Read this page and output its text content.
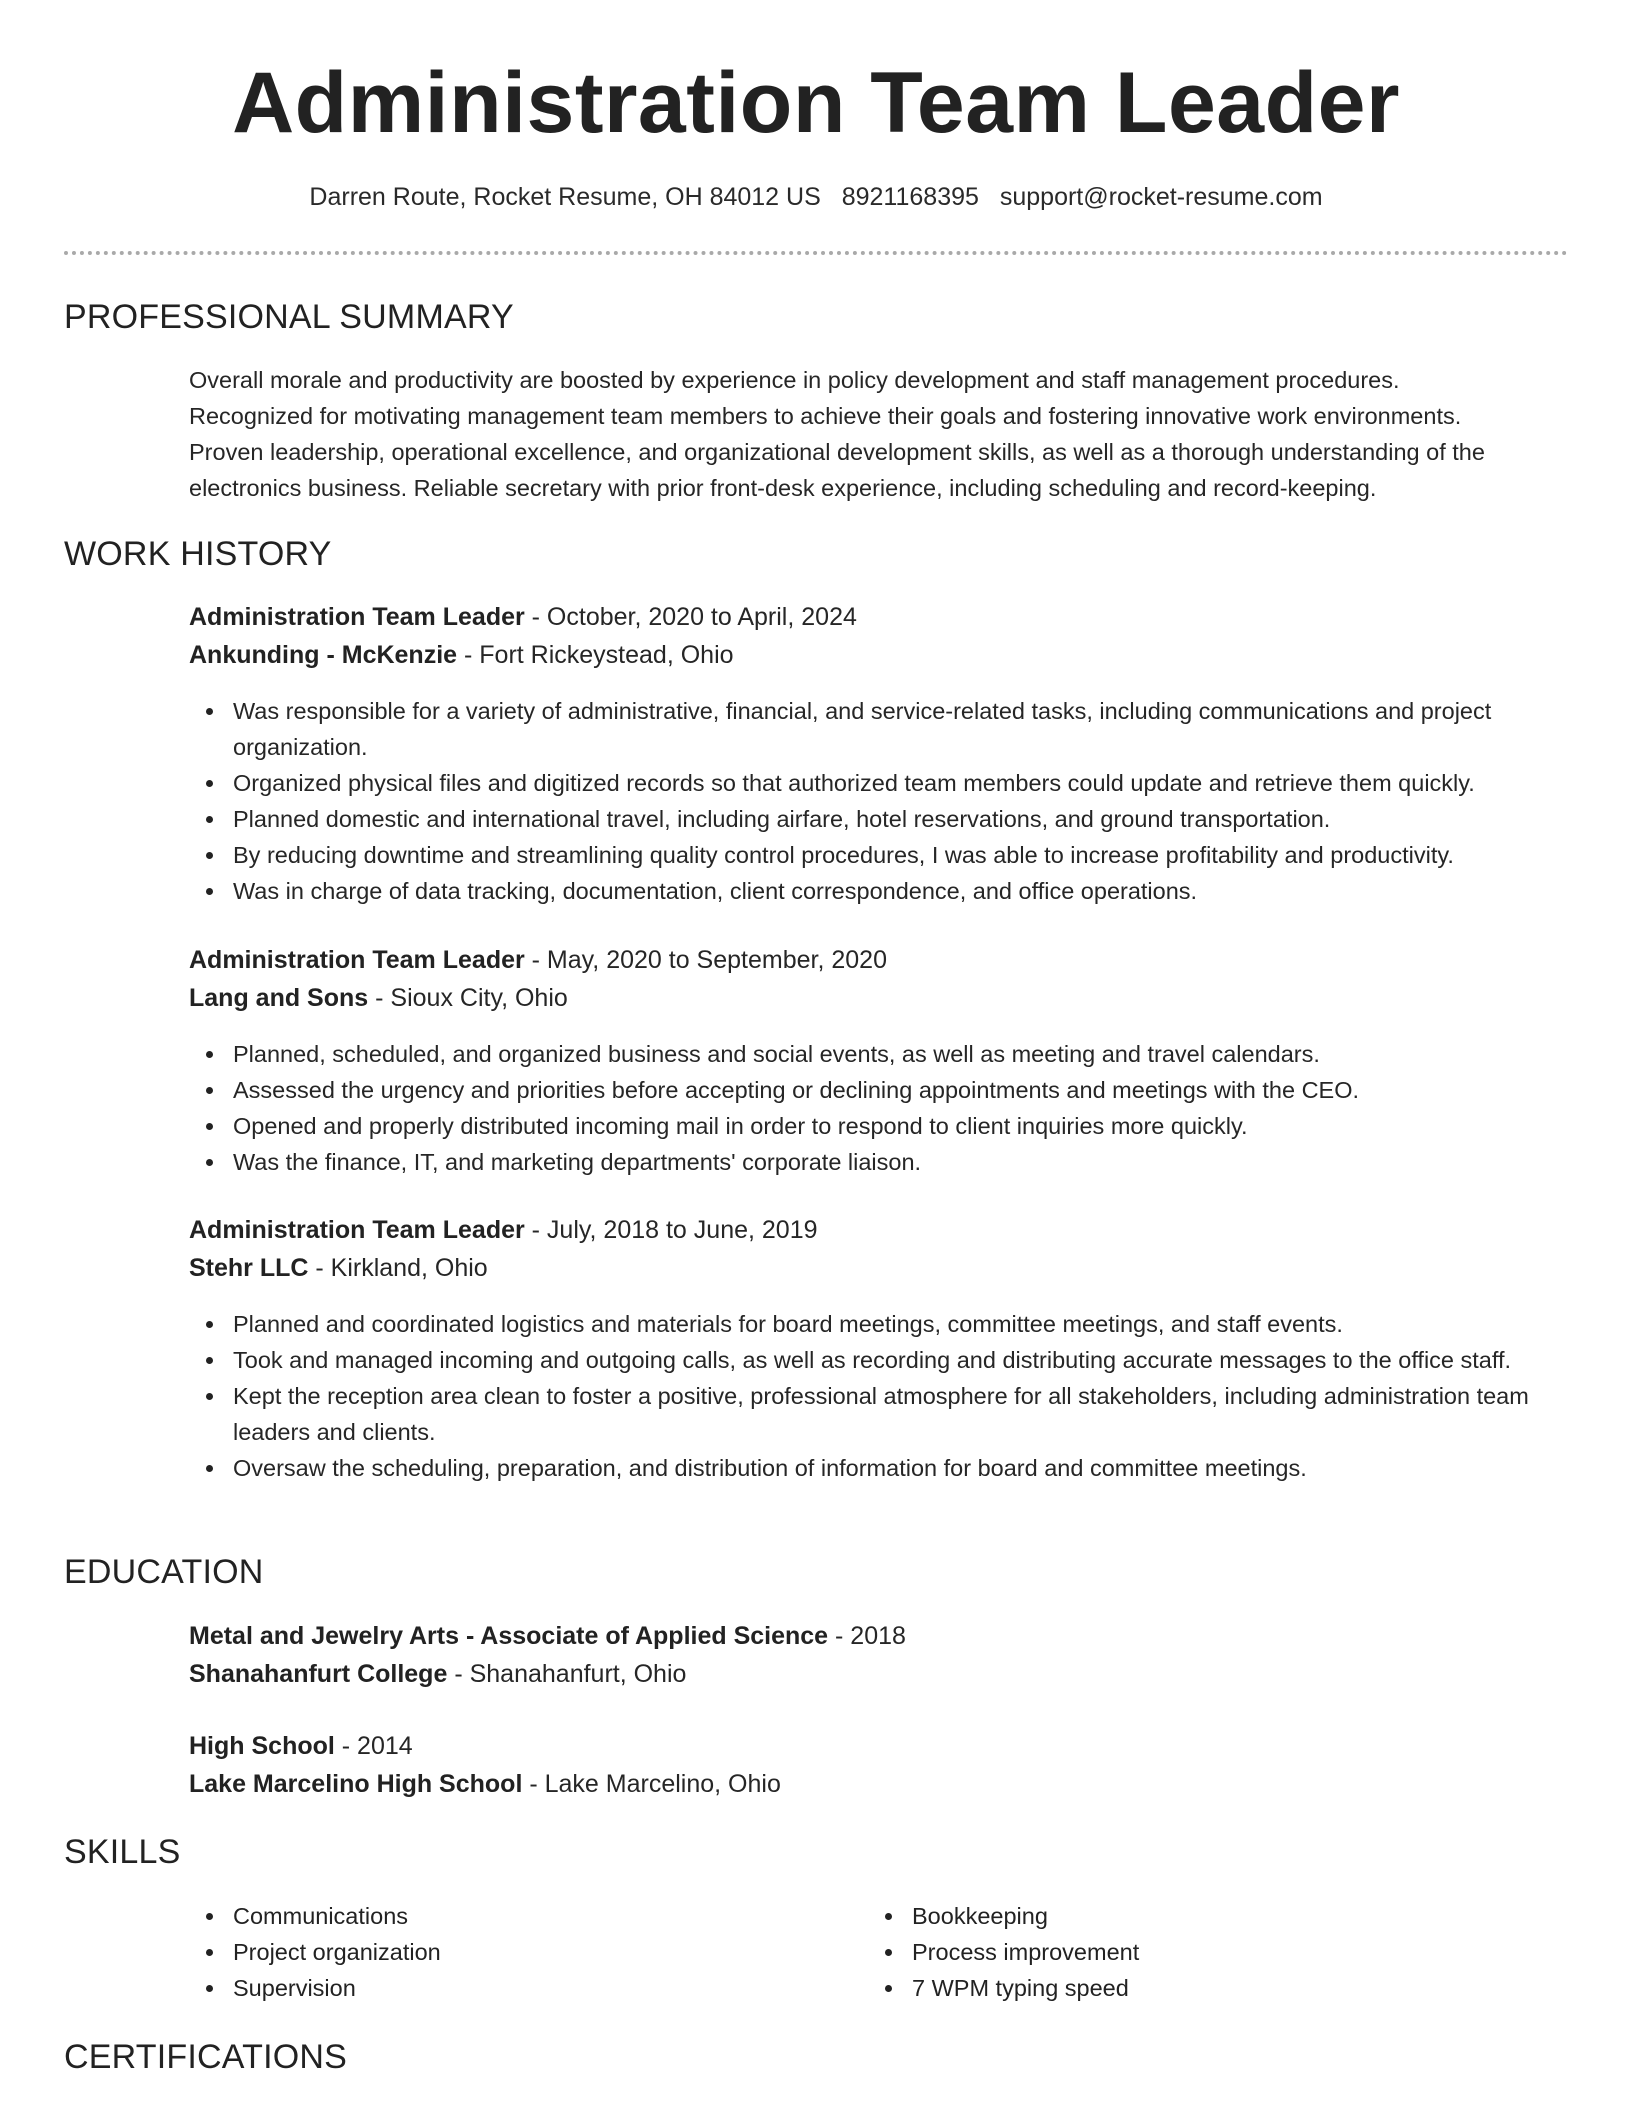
Administration Team Leader
Darren Route, Rocket Resume, OH 84012 US 8921168395 support@rocket-resume.com
PROFESSIONAL SUMMARY

Overall morale and productivity are boosted by experience in policy development and staff management procedures.

Recognized for motivating management team members to achieve their goals and fostering innovative work environments.

Proven leadership, operational excellence, and organizational development skills, as well as a thorough understanding of the

electronics business. Reliable secretary with prior front-desk experience, including scheduling and record-keeping.

WORK HISTORY
Administration Team Leader - October, 2020 to April, 2024
Ankunding - McKenzie - Fort Rickeystead, Ohio
Was responsible for a variety of administrative, financial, and service-related tasks, including communications and project organization.
Organized physical files and digitized records so that authorized team members could update and retrieve them quickly.
Planned domestic and international travel, including airfare, hotel reservations, and ground transportation.
By reducing downtime and streamlining quality control procedures, I was able to increase profitability and productivity.
Was in charge of data tracking, documentation, client correspondence, and office operations.
Administration Team Leader - May, 2020 to September, 2020
Lang and Sons - Sioux City, Ohio
Planned, scheduled, and organized business and social events, as well as meeting and travel calendars.
Assessed the urgency and priorities before accepting or declining appointments and meetings with the CEO.
Opened and properly distributed incoming mail in order to respond to client inquiries more quickly.
Was the finance, IT, and marketing departments' corporate liaison.
Administration Team Leader - July, 2018 to June, 2019
Stehr LLC - Kirkland, Ohio
Planned and coordinated logistics and materials for board meetings, committee meetings, and staff events.
Took and managed incoming and outgoing calls, as well as recording and distributing accurate messages to the office staff.
Kept the reception area clean to foster a positive, professional atmosphere for all stakeholders, including administration team leaders and clients.
Oversaw the scheduling, preparation, and distribution of information for board and committee meetings.
EDUCATION
Metal and Jewelry Arts - Associate of Applied Science - 2018
Shanahanfurt College - Shanahanfurt, Ohio
High School - 2014
Lake Marcelino High School - Lake Marcelino, Ohio
SKILLS
Communications
Project organization
Supervision
Bookkeeping
Process improvement
7 WPM typing speed
CERTIFICATIONS
